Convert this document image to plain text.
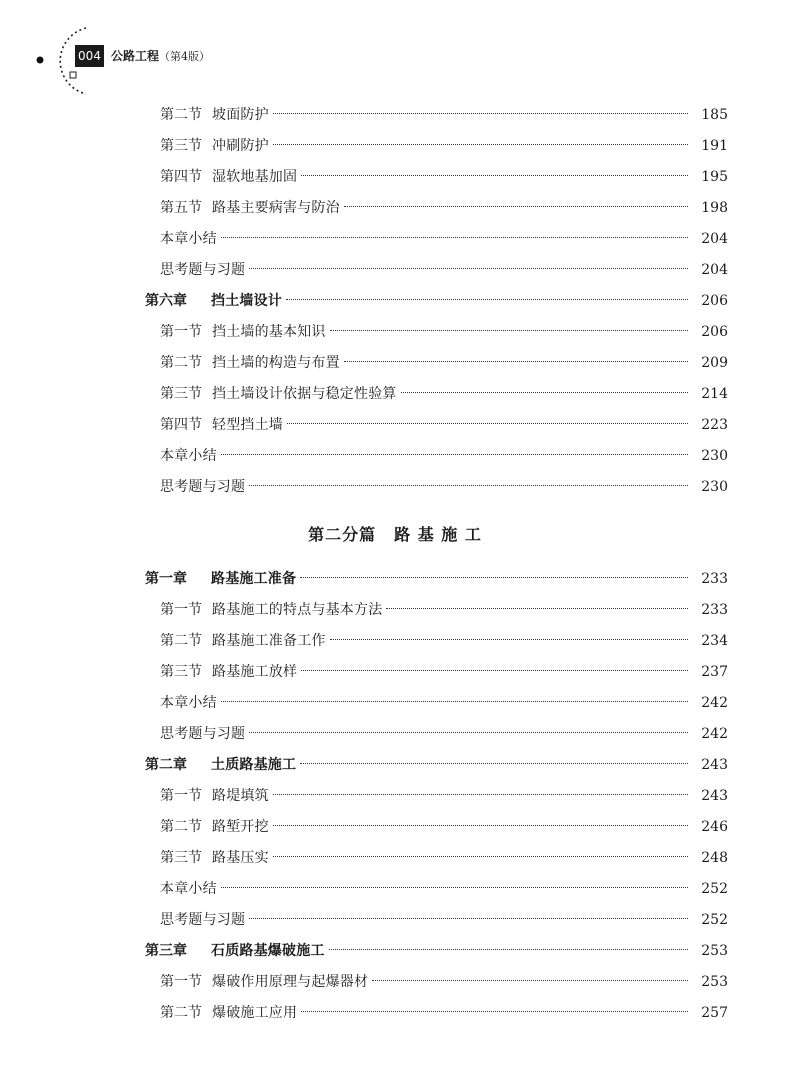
004 公路工程（第4版）
第二节 坡面防护	185
第三节 冲刷防护	191
第四节 湿软地基加固	195
第五节 路基主要病害与防治	198
本章小结	204
思考题与习题	204
第六章 挡土墙设计	206
第一节 挡土墙的基本知识	206
第二节 挡土墙的构造与布置	209
第三节 挡土墙设计依据与稳定性验算	214
第四节 轻型挡土墙	223
本章小结	230
思考题与习题	230
第一章 路基施工准备	233
第一节 路基施工的特点与基本方法	233
第二节 路基施工准备工作	234
第三节 路基施工放样	237
本章小结	242
思考题与习题	242
第二章 土质路基施工	243
第一节 路堤填筑	243
第二节 路堑开挖	246
第三节 路基压实	248
本章小结	252
思考题与习题	252
第三章 石质路基爆破施工	253
第一节 爆破作用原理与起爆器材	253
第二节 爆破施工应用	257
第二分篇 路 基 施 工
